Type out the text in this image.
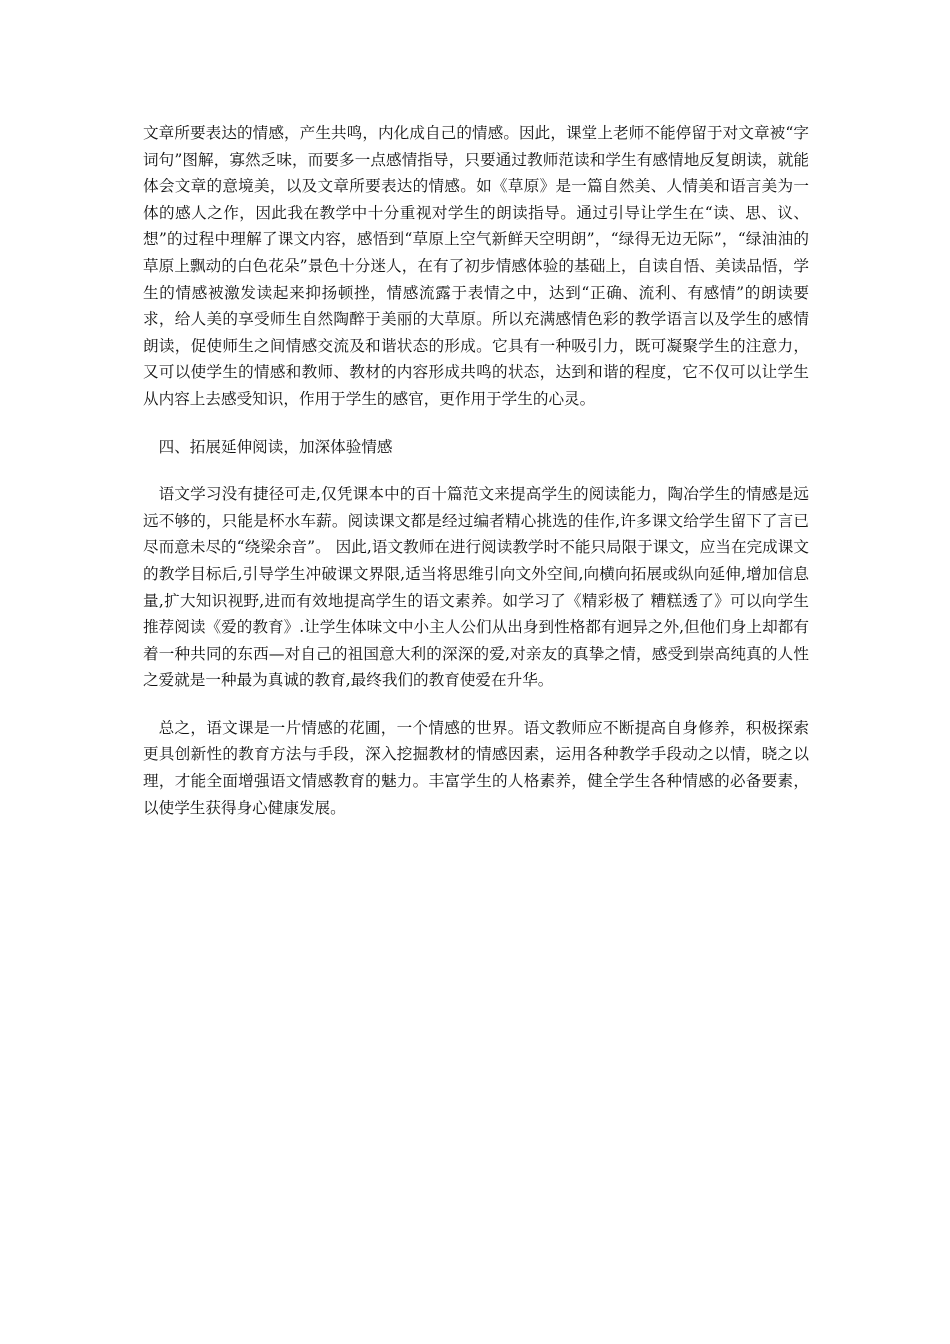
文章所要表达的情感，产生共鸣，内化成自己的情感。因此，课堂上老师不能停留于对文章被“字词句”图解，寡然乏味，而要多一点感情指导，只要通过教师范读和学生有感情地反复朗读，就能体会文章的意境美，以及文章所要表达的情感。如《草原》是一篇自然美、人情美和语言美为一体的感人之作，因此我在教学中十分重视对学生的朗读指导。通过引导让学生在“读、思、议、想”的过程中理解了课文内容，感悟到“草原上空气新鲜天空明朗”，“绿得无边无际”，“绿油油的草原上飘动的白色花朵”景色十分迷人，在有了初步情感体验的基础上，自读自悟、美读品悟，学生的情感被激发读起来抑扬顿挫，情感流露于表情之中，达到“正确、流利、有感情”的朗读要求，给人美的享受师生自然陶醉于美丽的大草原。所以充满感情色彩的教学语言以及学生的感情朗读，促使师生之间情感交流及和谐状态的形成。它具有一种吸引力，既可凝聚学生的注意力，又可以使学生的情感和教师、教材的内容形成共鸣的状态，达到和谐的程度，它不仅可以让学生从内容上去感受知识，作用于学生的感官，更作用于学生的心灵。

四、拓展延伸阅读，加深体验情感

语文学习没有捷径可走,仅凭课本中的百十篇范文来提高学生的阅读能力，陶冶学生的情感是远远不够的，只能是杯水车薪。阅读课文都是经过编者精心挑选的佳作,许多课文给学生留下了言已尽而意未尽的“绕梁余音”。 因此,语文教师在进行阅读教学时不能只局限于课文，应当在完成课文的教学目标后,引导学生冲破课文界限,适当将思维引向文外空间,向横向拓展或纵向延伸,增加信息量,扩大知识视野,进而有效地提高学生的语文素养。如学习了《精彩极了 糟糕透了》可以向学生推荐阅读《爱的教育》.让学生体味文中小主人公们从出身到性格都有迥异之外,但他们身上却都有着一种共同的东西—对自己的祖国意大利的深深的爱,对亲友的真挚之情，感受到崇高纯真的人性之爱就是一种最为真诚的教育,最终我们的教育使爱在升华。

总之，语文课是一片情感的花圃，一个情感的世界。语文教师应不断提高自身修养，积极探索更具创新性的教育方法与手段，深入挖掘教材的情感因素，运用各种教学手段动之以情，晓之以理，才能全面增强语文情感教育的魅力。丰富学生的人格素养，健全学生各种情感的必备要素，以使学生获得身心健康发展。
